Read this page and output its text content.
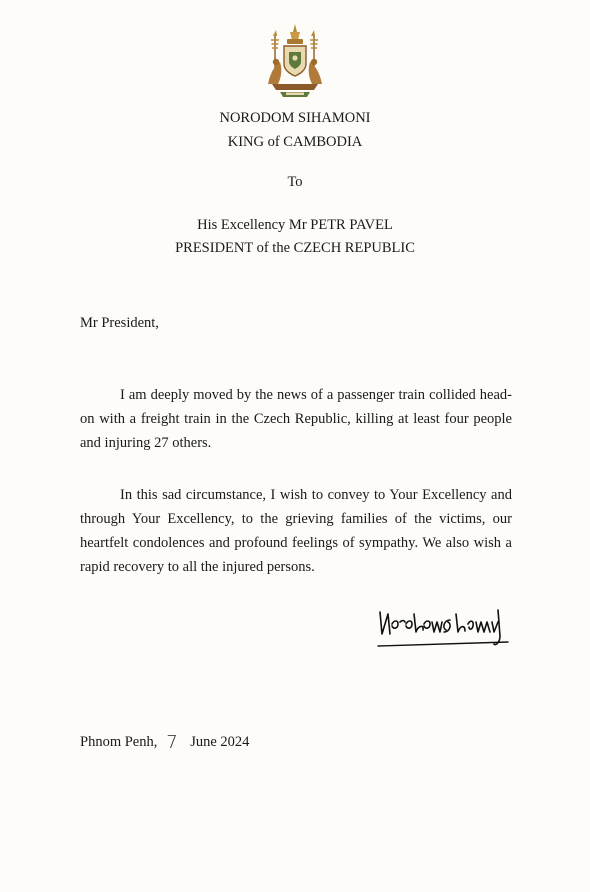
NORODOM SIHAMONI
KING of CAMBODIA
To
His Excellency Mr PETR PAVEL
PRESIDENT of the CZECH REPUBLIC
Mr President,

I am deeply moved by the news of a passenger train collided head-on with a freight train in the Czech Republic, killing at least four people and injuring 27 others.

In this sad circumstance, I wish to convey to Your Excellency and through Your Excellency, to the grieving families of the victims, our heartfelt condolences and profound feelings of sympathy. We also wish a rapid recovery to all the injured persons.

Phnom Penh, 7 June 2024
